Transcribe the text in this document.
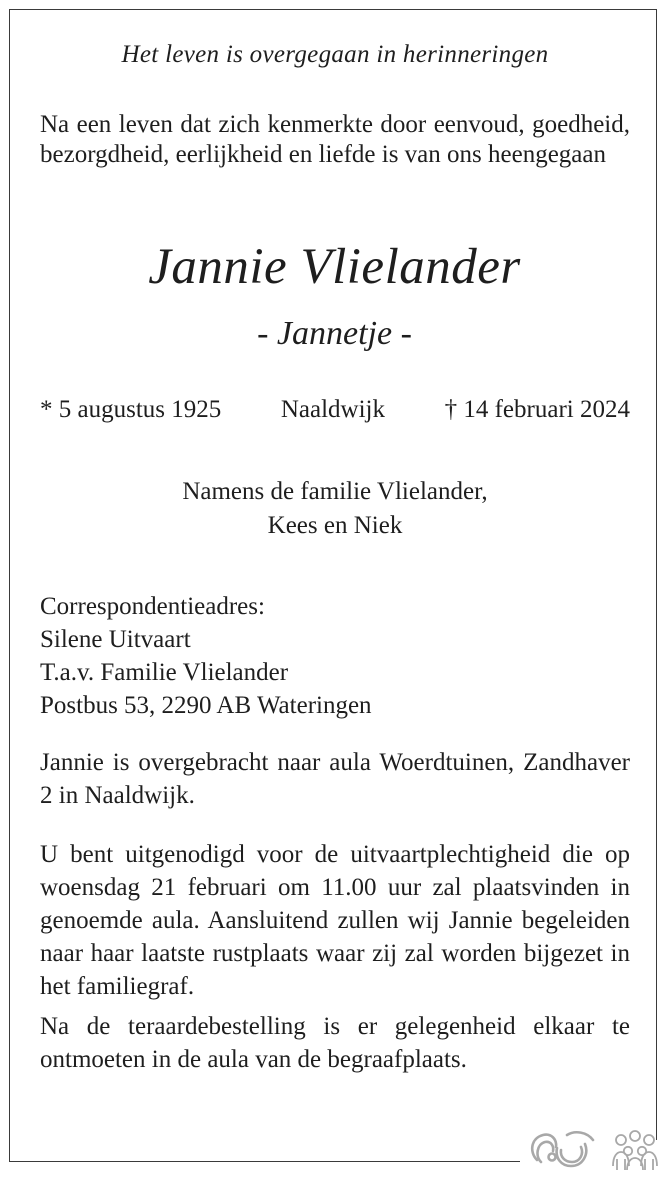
Het leven is overgegaan in herinneringen

Na een leven dat zich kenmerkte door eenvoud, goedheid, bezorgdheid, eerlijkheid en liefde is van ons heengegaan

Jannie Vlielander
- Jannetje -
* 5 augustus 1925 Naaldwijk † 14 februari 2024
Namens de familie Vlielander,
Kees en Niek
Correspondentieadres:
Silene Uitvaart
T.a.v. Familie Vlielander
Postbus 53, 2290 AB Wateringen

Jannie is overgebracht naar aula Woerdtuinen, Zandhaver 2 in Naaldwijk.

U bent uitgenodigd voor de uitvaartplechtigheid die op woensdag 21 februari om 11.00 uur zal plaatsvinden in genoemde aula. Aansluitend zullen wij Jannie begeleiden naar haar laatste rustplaats waar zij zal worden bijgezet in het familiegraf.

Na de teraardebestelling is er gelegenheid elkaar te ontmoeten in de aula van de begraafplaats.
